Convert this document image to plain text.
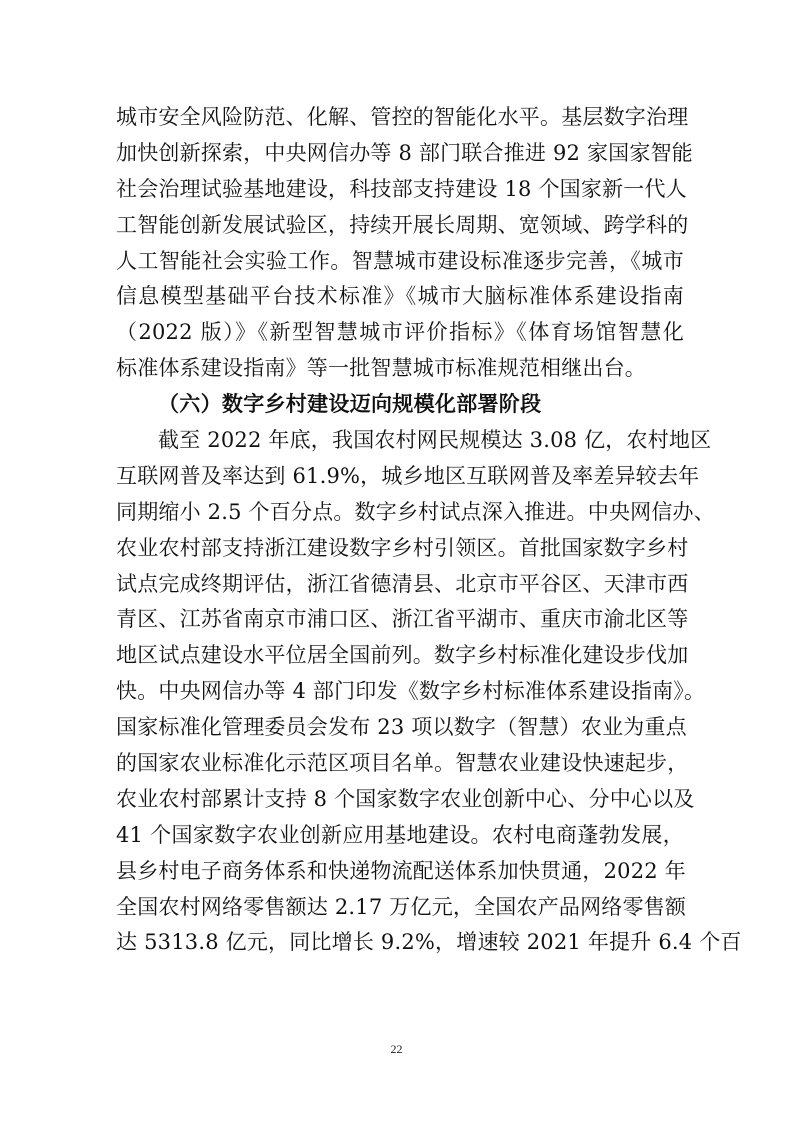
城市安全风险防范、化解、管控的智能化水平。基层数字治理
加快创新探索，中央网信办等 8 部门联合推进 92 家国家智能
社会治理试验基地建设，科技部支持建设 18 个国家新一代人
工智能创新发展试验区，持续开展长周期、宽领域、跨学科的
人工智能社会实验工作。智慧城市建设标准逐步完善，《城市
信息模型基础平台技术标准》《城市大脑标准体系建设指南
（2022 版）》《新型智慧城市评价指标》《体育场馆智慧化
标准体系建设指南》等一批智慧城市标准规范相继出台。
（六）数字乡村建设迈向规模化部署阶段
截至 2022 年底，我国农村网民规模达 3.08 亿，农村地区
互联网普及率达到 61.9%，城乡地区互联网普及率差异较去年
同期缩小 2.5 个百分点。数字乡村试点深入推进。中央网信办、
农业农村部支持浙江建设数字乡村引领区。首批国家数字乡村
试点完成终期评估，浙江省德清县、北京市平谷区、天津市西
青区、江苏省南京市浦口区、浙江省平湖市、重庆市渝北区等
地区试点建设水平位居全国前列。数字乡村标准化建设步伐加
快。中央网信办等 4 部门印发《数字乡村标准体系建设指南》。
国家标准化管理委员会发布 23 项以数字（智慧）农业为重点
的国家农业标准化示范区项目名单。智慧农业建设快速起步，
农业农村部累计支持 8 个国家数字农业创新中心、分中心以及
41 个国家数字农业创新应用基地建设。农村电商蓬勃发展，
县乡村电子商务体系和快递物流配送体系加快贯通，2022 年
全国农村网络零售额达 2.17 万亿元，全国农产品网络零售额
达 5313.8 亿元，同比增长 9.2%，增速较 2021 年提升 6.4 个百
22
